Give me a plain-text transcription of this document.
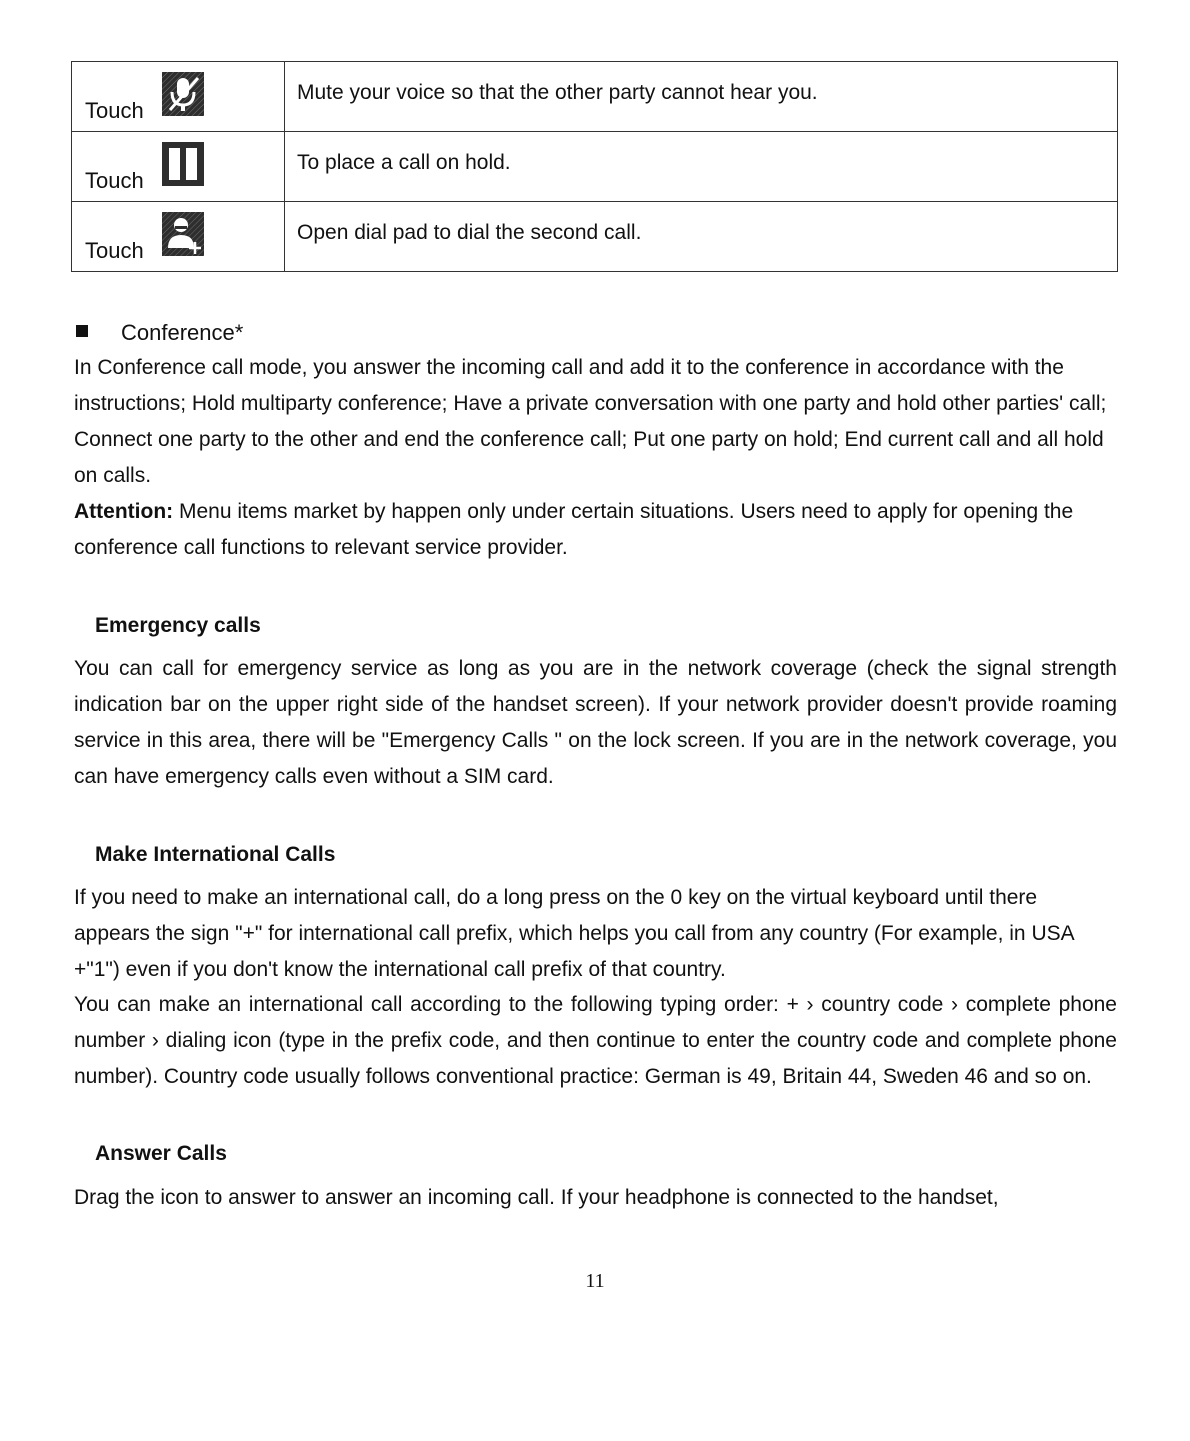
Touch	Mute your voice so that the other party cannot hear you.

Touch	To place a call on hold.

Touch	Open dial pad to dial the second call.
Conference*
In Conference call mode, you answer the incoming call and add it to the conference in accordance with the instructions; Hold multiparty conference; Have a private conversation with one party and hold other parties' call; Connect one party to the other and end the conference call; Put one party on hold; End current call and all hold on calls.
Attention: Menu items market by happen only under certain situations. Users need to apply for opening the conference call functions to relevant service provider.
Emergency calls
You can call for emergency service as long as you are in the network coverage (check the signal strength indication bar on the upper right side of the handset screen). If your network provider doesn't provide roaming service in this area, there will be "Emergency Calls " on the lock screen. If you are in the network coverage, you can have emergency calls even without a SIM card.
Make International Calls
If you need to make an international call, do a long press on the 0 key on the virtual keyboard until there appears the sign "+" for international call prefix, which helps you call from any country (For example, in USA +"1") even if you don't know the international call prefix of that country.
You can make an international call according to the following typing order: + › country code › complete phone number › dialing icon (type in the prefix code, and then continue to enter the country code and complete phone number). Country code usually follows conventional practice: German is 49, Britain 44, Sweden 46 and so on.
Answer Calls
Drag the icon to answer to answer an incoming call. If your headphone is connected to the handset,
11
